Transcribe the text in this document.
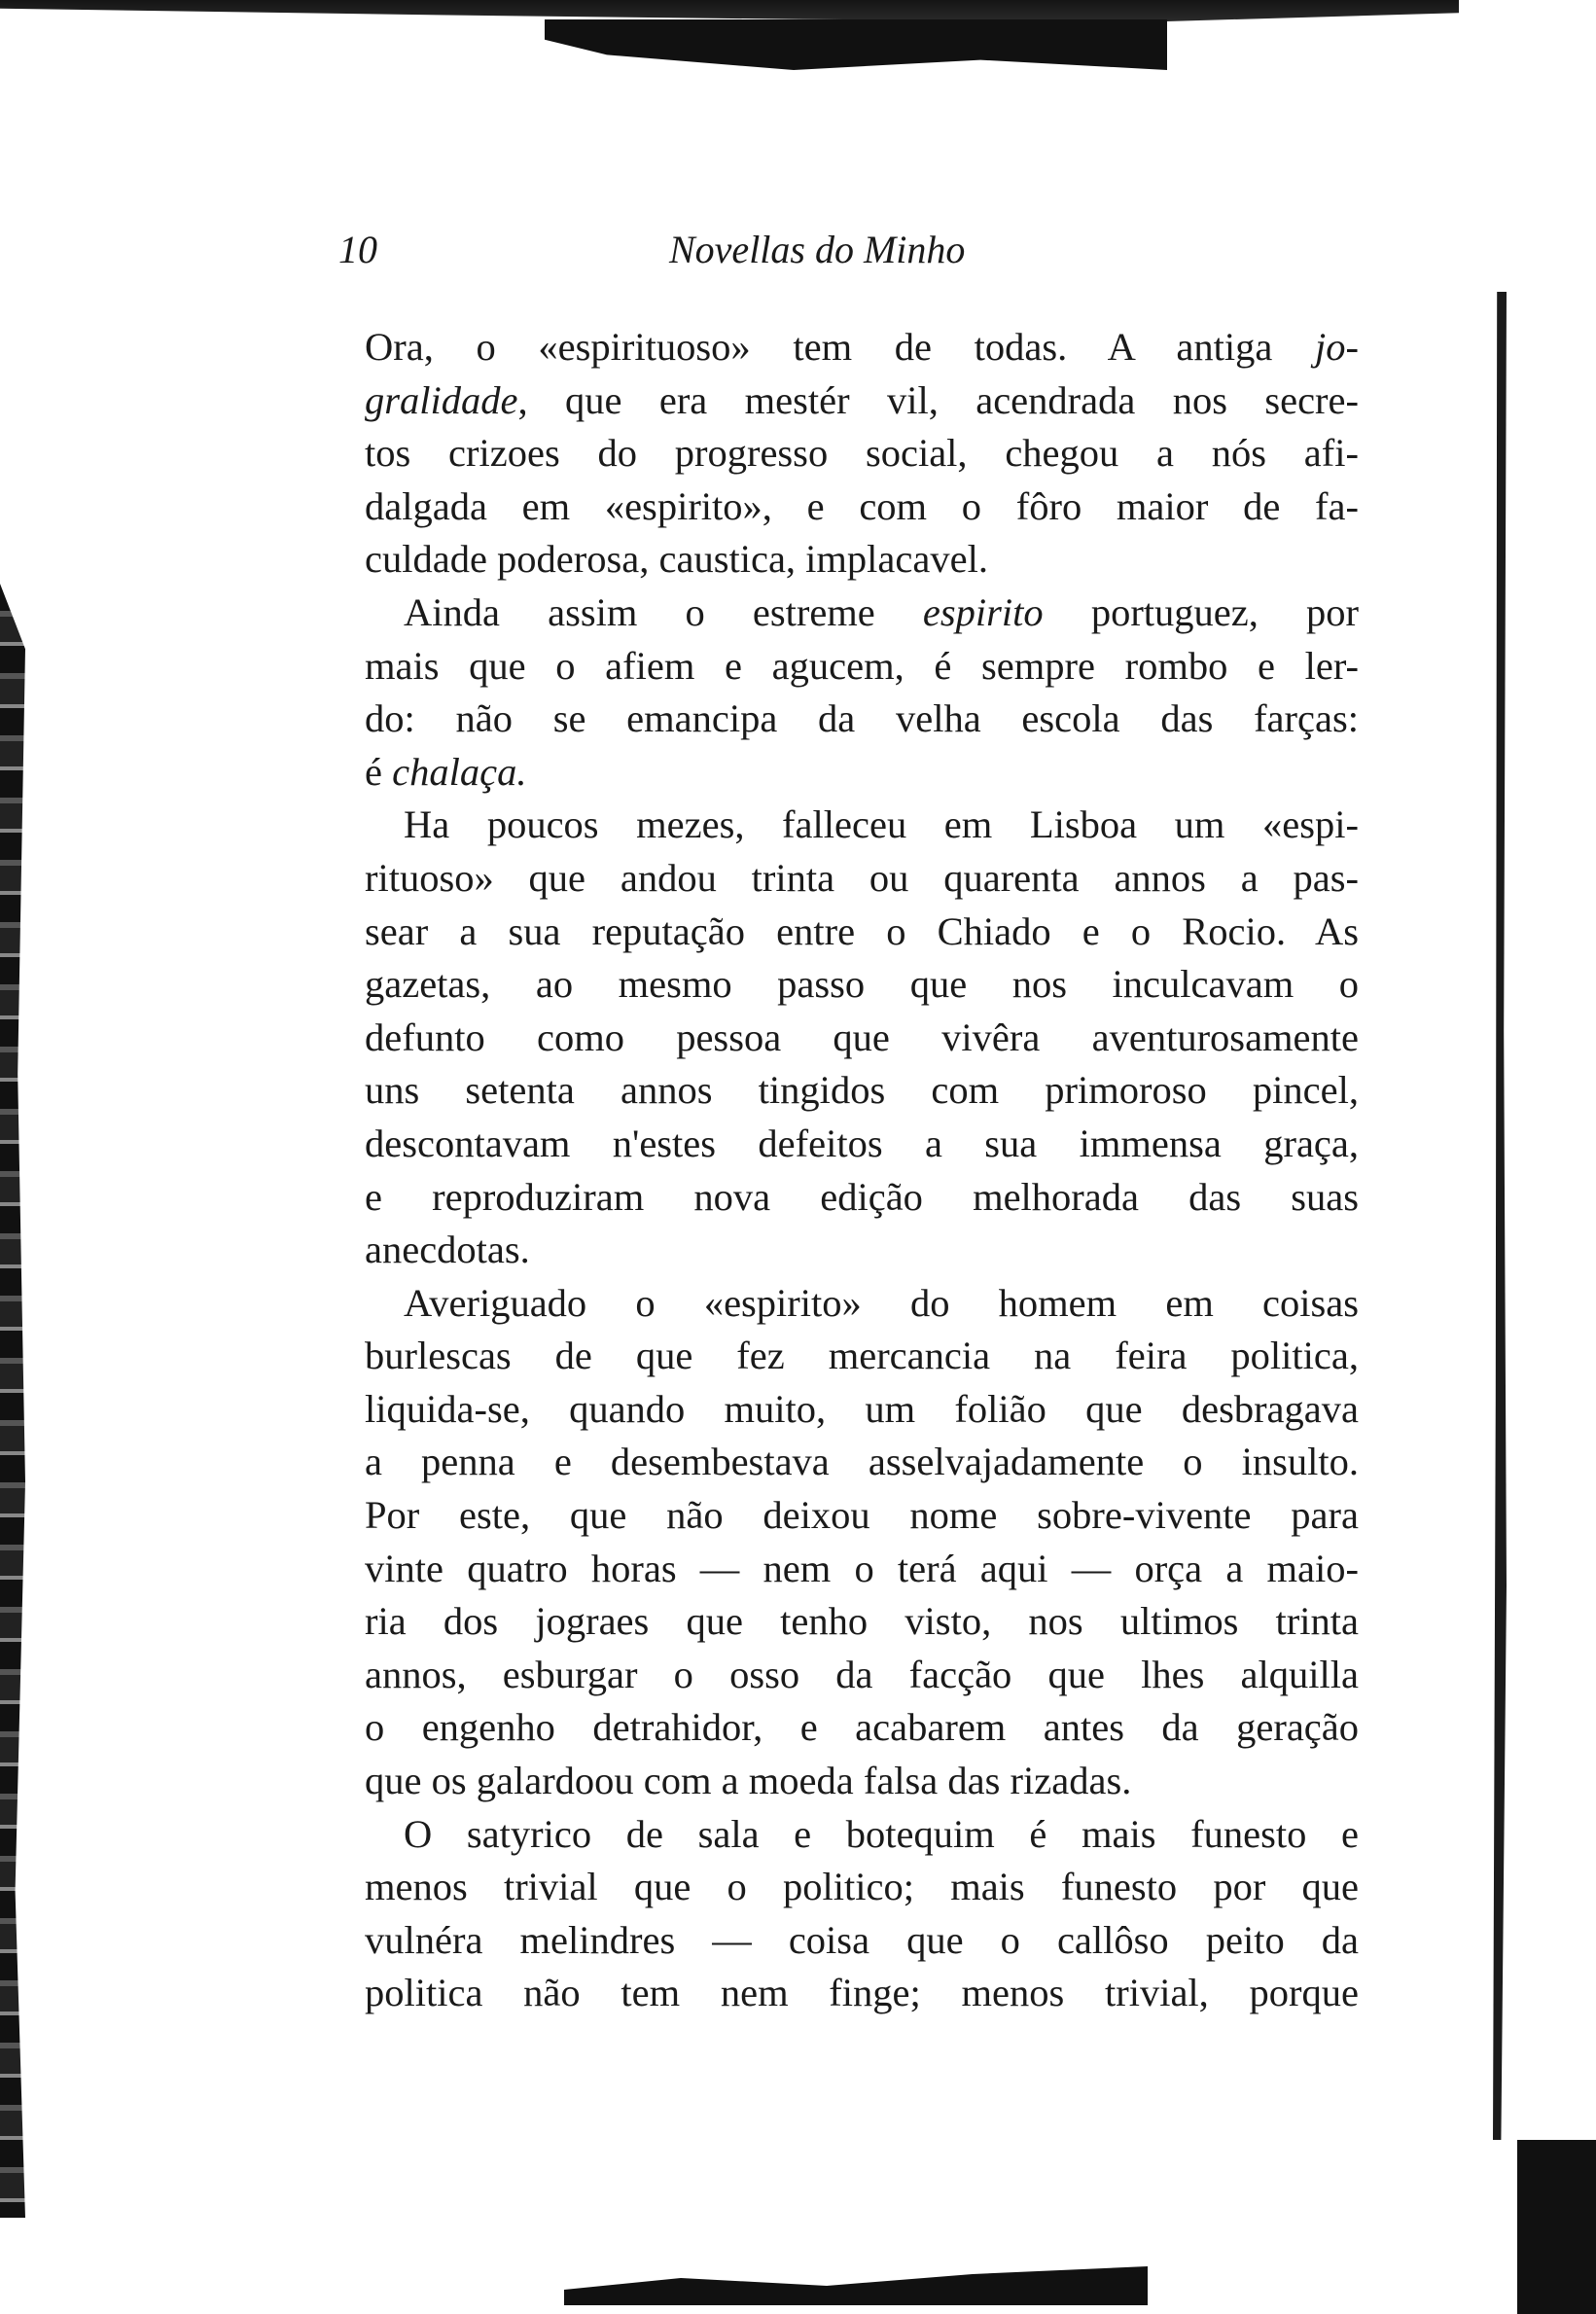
10	Novellas do Minho
Ora, o «espirituoso» tem de todas. A antiga jo-
gralidade, que era mestér vil, acendrada nos secre-
tos crizoes do progresso social, chegou a nós afi-
dalgada em «espirito», e com o fôro maior de fa-
culdade poderosa, caustica, implacavel.
Ainda assim o estreme espirito portuguez, por
mais que o afiem e agucem, é sempre rombo e ler-
do: não se emancipa da velha escola das farças:
é chalaça.
Ha poucos mezes, falleceu em Lisboa um «espi-
rituoso» que andou trinta ou quarenta annos a pas-
sear a sua reputação entre o Chiado e o Rocio. As
gazetas, ao mesmo passo que nos inculcavam o
defunto como pessoa que vivêra aventurosamente
uns setenta annos tingidos com primoroso pincel,
descontavam n'estes defeitos a sua immensa graça,
e reproduziram nova edição melhorada das suas
anecdotas.
Averiguado o «espirito» do homem em coisas
burlescas de que fez mercancia na feira politica,
liquida-se, quando muito, um folião que desbragava
a penna e desembestava asselvajadamente o insulto.
Por este, que não deixou nome sobre-vivente para
vinte quatro horas — nem o terá aqui — orça a maio-
ria dos jograes que tenho visto, nos ultimos trinta
annos, esburgar o osso da facção que lhes alquilla
o engenho detrahidor, e acabarem antes da geração
que os galardoou com a moeda falsa das rizadas.
O satyrico de sala e botequim é mais funesto e
menos trivial que o politico; mais funesto por que
vulnéra melindres — coisa que o callôso peito da
politica não tem nem finge; menos trivial, porque
